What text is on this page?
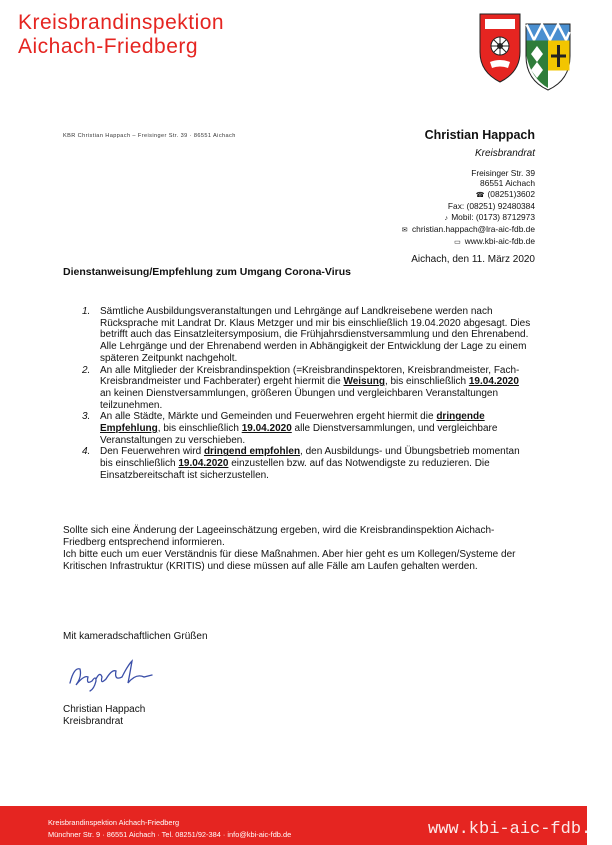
Kreisbrandinspektion
Aichach-Friedberg
KBR Christian Happach – Freisinger Str. 39 · 86551 Aichach	Christian Happach
Kreisbrandrat
Freisinger Str. 39
86551 Aichach
☎ (08251)3602
Fax: (08251) 92480384
♪ Mobil: (0173) 8712973
✉ christian.happach@lra-aic-fdb.de
▭ www.kbi-aic-fdb.de
Aichach, den 11. März 2020
Dienstanweisung/Empfehlung zum Umgang Corona-Virus
1. Sämtliche Ausbildungsveranstaltungen und Lehrgänge auf Landkreisebene werden nach Rücksprache mit Landrat Dr. Klaus Metzger und mir bis einschließlich 19.04.2020 abgesagt. Dies betrifft auch das Einsatzleitersymposium, die Frühjahrsdienstversammlung und den Ehrenabend. Alle Lehrgänge und der Ehrenabend werden in Abhängigkeit der Entwicklung der Lage zu einem späteren Zeitpunkt nachgeholt.
2. An alle Mitglieder der Kreisbrandinspektion (=Kreisbrandinspektoren, Kreisbrandmeister, Fach-Kreisbrandmeister und Fachberater) ergeht hiermit die Weisung, bis einschließlich 19.04.2020 an keinen Dienstversammlungen, größeren Übungen und vergleichbaren Veranstaltungen teilzunehmen.
3. An alle Städte, Märkte und Gemeinden und Feuerwehren ergeht hiermit die dringende Empfehlung, bis einschließlich 19.04.2020 alle Dienstversammlungen, und vergleichbare Veranstaltungen zu verschieben.
4. Den Feuerwehren wird dringend empfohlen, den Ausbildungs- und Übungsbetrieb momentan bis einschließlich 19.04.2020 einzustellen bzw. auf das Notwendigste zu reduzieren. Die Einsatzbereitschaft ist sicherzustellen.
Sollte sich eine Änderung der Lageeinschätzung ergeben, wird die Kreisbrandinspektion Aichach-Friedberg entsprechend informieren.
Ich bitte euch um euer Verständnis für diese Maßnahmen. Aber hier geht es um Kollegen/Systeme der Kritischen Infrastruktur (KRITIS) und diese müssen auf alle Fälle am Laufen gehalten werden.
Mit kameradschaftlichen Grüßen
Christian Happach
Kreisbrandrat
Kreisbrandinspektion Aichach-Friedberg
Münchner Str. 9 · 86551 Aichach · Tel. 08251/92-384 · info@kbi-aic-fdb.de	www.kbi-aic-fdb.de
